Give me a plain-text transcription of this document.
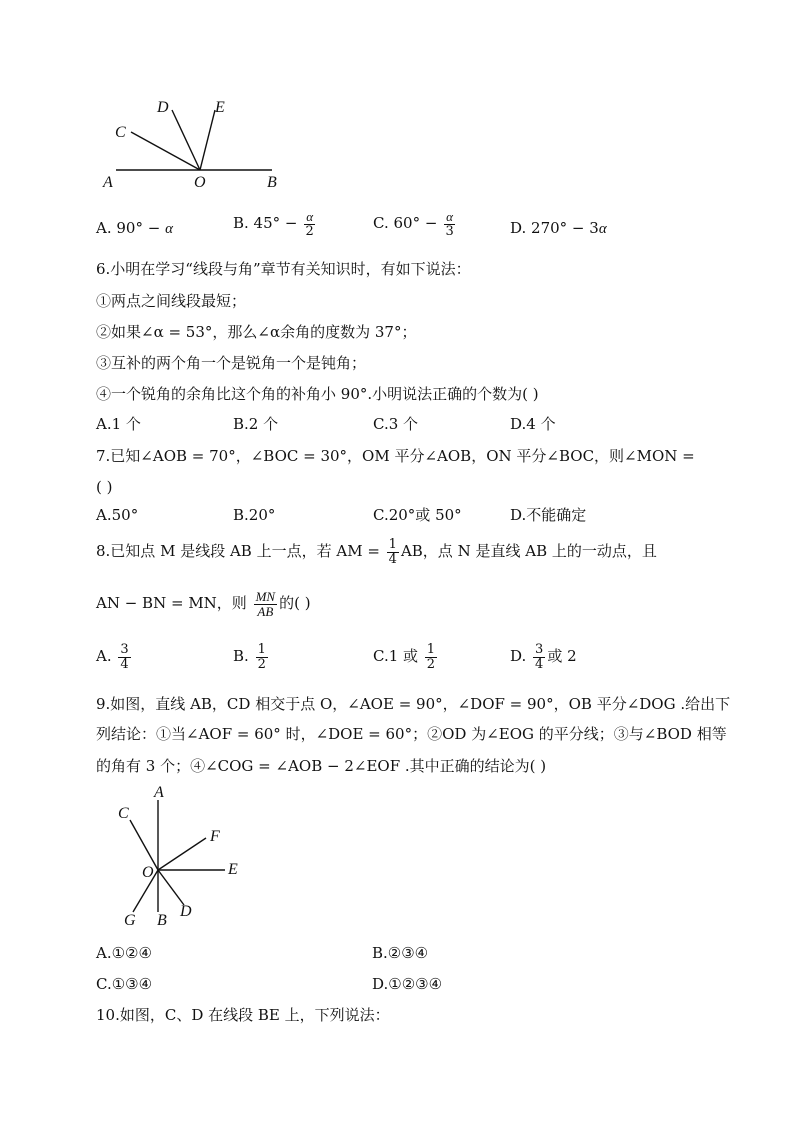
A	O	B
C
D	E
A. 90° − α	B. $45^\circ - \frac{\alpha}{2}$	C. $60^\circ - \frac{\alpha}{3}$	D. 270° − 3α
6.小明在学习“线段与角”章节有关知识时，有如下说法：
①两点之间线段最短；
②如果∠α = 53°，那么∠α余角的度数为 37°；
③互补的两个角一个是锐角一个是钝角；
④一个锐角的余角比这个角的补角小 90°.小明说法正确的个数为( )
A.1 个	B.2 个	C.3 个	D.4 个
7.已知∠AOB = 70°，∠BOC = 30°，OM 平分∠AOB，ON 平分∠BOC，则∠MON =
( )
A.50°	B.20°	C.20°或 50°	D.不能确定
8.已知点 M 是线段 AB 上一点，若 AM = $\frac{1}{4}$ AB，点 N 是直线 AB 上的一动点，且
AN − BN = MN，则 $\frac{MN}{AB}$ 的( )
A. $\frac{3}{4}$	B. $\frac{1}{2}$	C.1 或 $\frac{1}{2}$	D. $\frac{3}{4}$ 或 2
9.如图，直线 AB，CD 相交于点 O，∠AOE = 90°，∠DOF = 90°，OB 平分∠DOG .给出下
列结论：①当∠AOF = 60° 时，∠DOE = 60°；②OD 为∠EOG 的平分线；③与∠BOD 相等
的角有 3 个；④∠COG = ∠AOB − 2∠EOF .其中正确的结论为( )
A
C
F
E
O
G B
D
A.①②④	B.②③④
C.①③④	D.①②③④
10.如图，C、D 在线段 BE 上，下列说法：
